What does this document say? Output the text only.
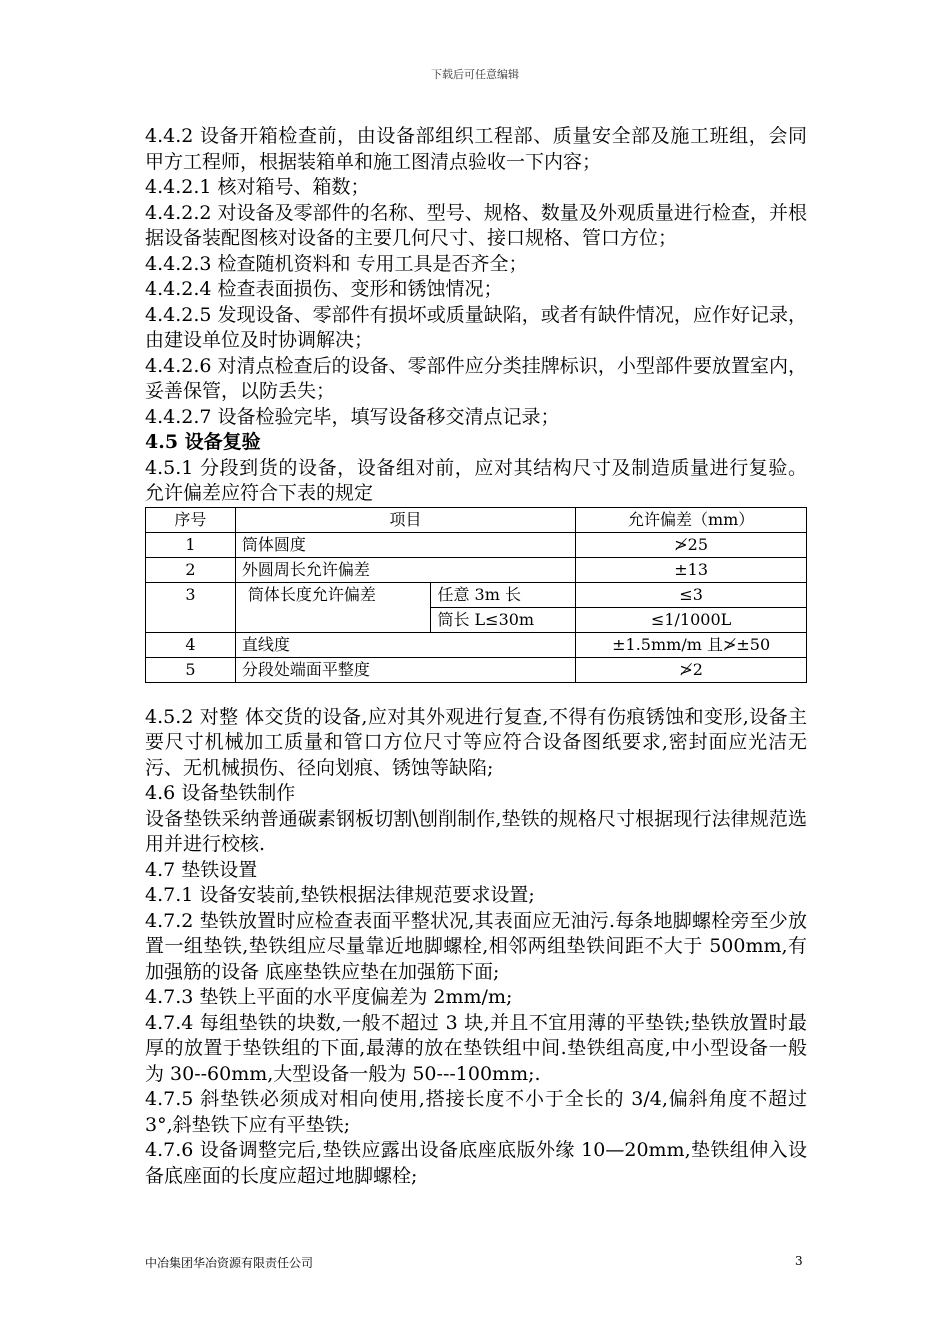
下载后可任意编辑

4.4.2 设备开箱检查前，由设备部组织工程部、质量安全部及施工班组，会同甲方工程师，根据装箱单和施工图清点验收一下内容；

4.4.2.1 核对箱号、箱数；

4.4.2.2 对设备及零部件的名称、型号、规格、数量及外观质量进行检查，并根据设备装配图核对设备的主要几何尺寸、接口规格、管口方位；

4.4.2.3 检查随机资料和 专用工具是否齐全；

4.4.2.4 检查表面损伤、变形和锈蚀情况；

4.4.2.5 发现设备、零部件有损坏或质量缺陷，或者有缺件情况，应作好记录，由建设单位及时协调解决；

4.4.2.6 对清点检查后的设备、零部件应分类挂牌标识，小型部件要放置室内，妥善保管，以防丢失；

4.4.2.7 设备检验完毕，填写设备移交清点记录；

4.5 设备复验

4.5.1 分段到货的设备，设备组对前，应对其结构尺寸及制造质量进行复验。允许偏差应符合下表的规定

序号	项目		允许偏差（mm）
1	筒体圆度		≯25
2	外圆周长允许偏差		±13
3	筒体长度允许偏差	任意 3m 长	≤3
		筒长 L≤30m	≤1/1000L
4	直线度		±1.5mm/m 且≯±50
5	分段处端面平整度		≯2

4.5.2 对整 体交货的设备,应对其外观进行复查,不得有伤痕锈蚀和变形,设备主要尺寸机械加工质量和管口方位尺寸等应符合设备图纸要求,密封面应光洁无污、无机械损伤、径向划痕、锈蚀等缺陷;

4.6 设备垫铁制作

设备垫铁采纳普通碳素钢板切割\刨削制作,垫铁的规格尺寸根据现行法律规范选用并进行校核.

4.7 垫铁设置

4.7.1 设备安装前,垫铁根据法律规范要求设置;

4.7.2 垫铁放置时应检查表面平整状况,其表面应无油污.每条地脚螺栓旁至少放置一组垫铁,垫铁组应尽量靠近地脚螺栓,相邻两组垫铁间距不大于 500mm,有加强筋的设备 底座垫铁应垫在加强筋下面;

4.7.3 垫铁上平面的水平度偏差为 2mm/m;

4.7.4 每组垫铁的块数,一般不超过 3 块,并且不宜用薄的平垫铁;垫铁放置时最厚的放置于垫铁组的下面,最薄的放在垫铁组中间.垫铁组高度,中小型设备一般为 30--60mm,大型设备一般为 50---100mm;.

4.7.5 斜垫铁必须成对相向使用,搭接长度不小于全长的 3/4,偏斜角度不超过 3°,斜垫铁下应有平垫铁;

4.7.6 设备调整完后,垫铁应露出设备底座底版外缘 10—20mm,垫铁组伸入设备底座面的长度应超过地脚螺栓;

中冶集团华冶资源有限责任公司	3
